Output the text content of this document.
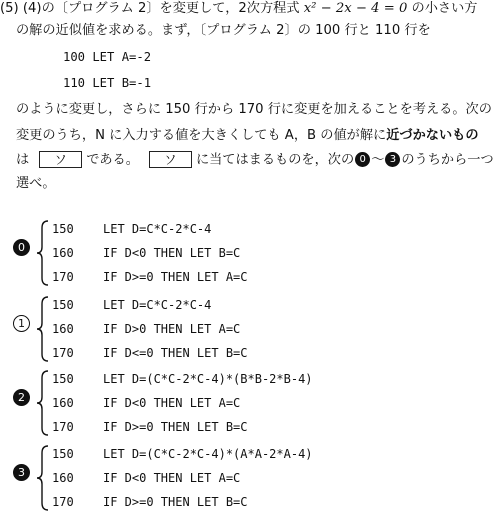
(5) (4)の〔プログラム 2〕を変更して，2次方程式 x² − 2x − 4 = 0 の小さい方
の解の近似値を求める。まず，〔プログラム 2〕の 100 行と 110 行を
100 LET A=-2
110 LET B=-1
のように変更し，さらに 150 行から 170 行に変更を加えることを考える。次の
変更のうち，N に入力する値を大きくしても A，B の値が解に近づかないもの
は ソ である。 ソ に当てはまるものを，次の 0 〜 3 のうちから一つ
選べ。
0
150 LET D=C*C-2*C-4
160 IF D<0 THEN LET B=C
170 IF D>=0 THEN LET A=C
1
150 LET D=C*C-2*C-4
160 IF D>0 THEN LET A=C
170 IF D<=0 THEN LET B=C
2
150 LET D=(C*C-2*C-4)*(B*B-2*B-4)
160 IF D<0 THEN LET A=C
170 IF D>=0 THEN LET B=C
3
150 LET D=(C*C-2*C-4)*(A*A-2*A-4)
160 IF D<0 THEN LET A=C
170 IF D>=0 THEN LET B=C
